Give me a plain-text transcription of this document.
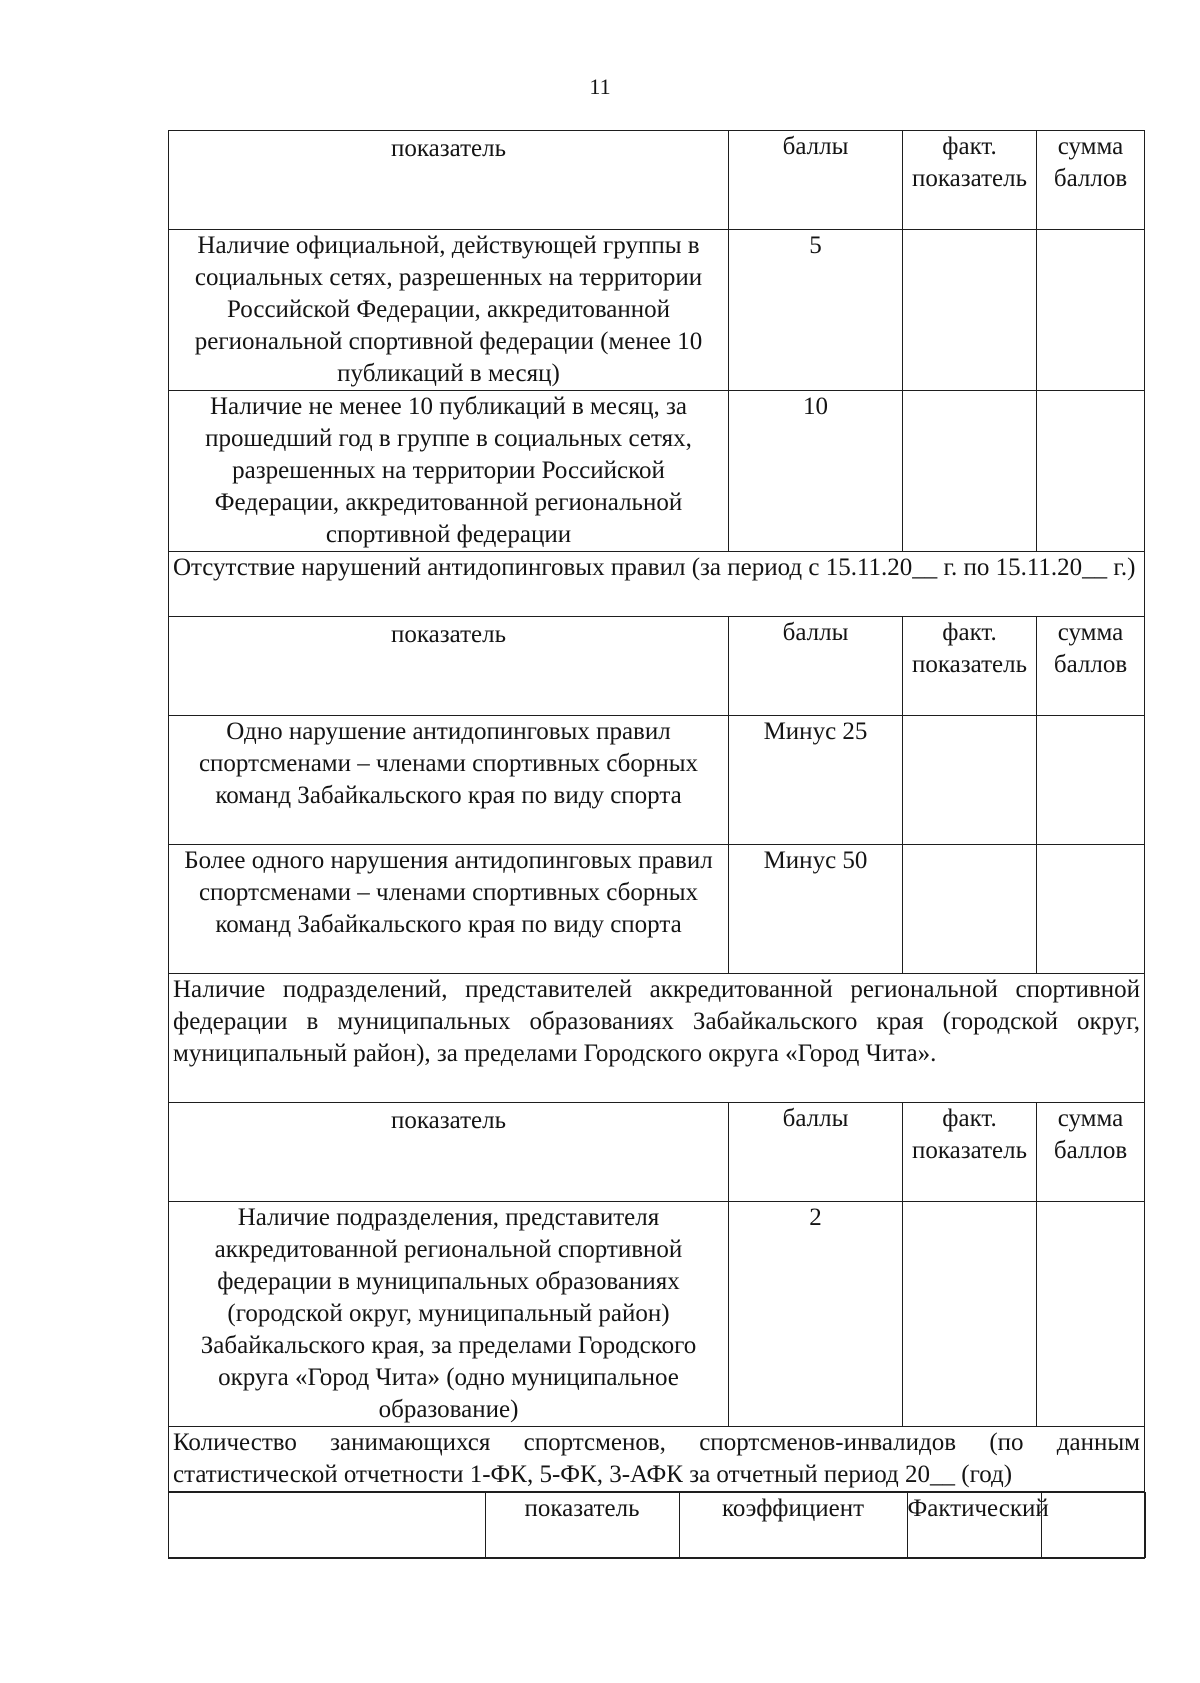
11
показатель	баллы	факт. показатель	сумма баллов
Наличие официальной, действующей группы в социальных сетях, разрешенных на территории Российской Федерации, аккредитованной региональной спортивной федерации (менее 10 публикаций в месяц)	5		
Наличие не менее 10 публикаций в месяц, за прошедший год в группе в социальных сетях, разрешенных на территории Российской Федерации, аккредитованной региональной спортивной федерации	10		
Отсутствие нарушений антидопинговых правил (за период с 15.11.20__ г. по 15.11.20__ г.)
показатель	баллы	факт. показатель	сумма баллов
Одно нарушение антидопинговых правил спортсменами – членами спортивных сборных команд Забайкальского края по виду спорта	Минус 25		
Более одного нарушения антидопинговых правил спортсменами – членами спортивных сборных команд Забайкальского края по виду спорта	Минус 50		
Наличие подразделений, представителей аккредитованной региональной спортивной федерации в муниципальных образованиях Забайкальского края (городской округ, муниципальный район), за пределами Городского округа «Город Чита».
показатель	баллы	факт. показатель	сумма баллов
Наличие подразделения, представителя аккредитованной региональной спортивной федерации в муниципальных образованиях (городской округ, муниципальный район) Забайкальского края, за пределами Городского округа «Город Чита» (одно муниципальное образование)	2		
Количество занимающихся спортсменов, спортсменов-инвалидов (по данным статистической отчетности 1-ФК, 5-ФК, 3-АФК за отчетный период 20__ (год)

	показатель	коэффициент	Фактический	
